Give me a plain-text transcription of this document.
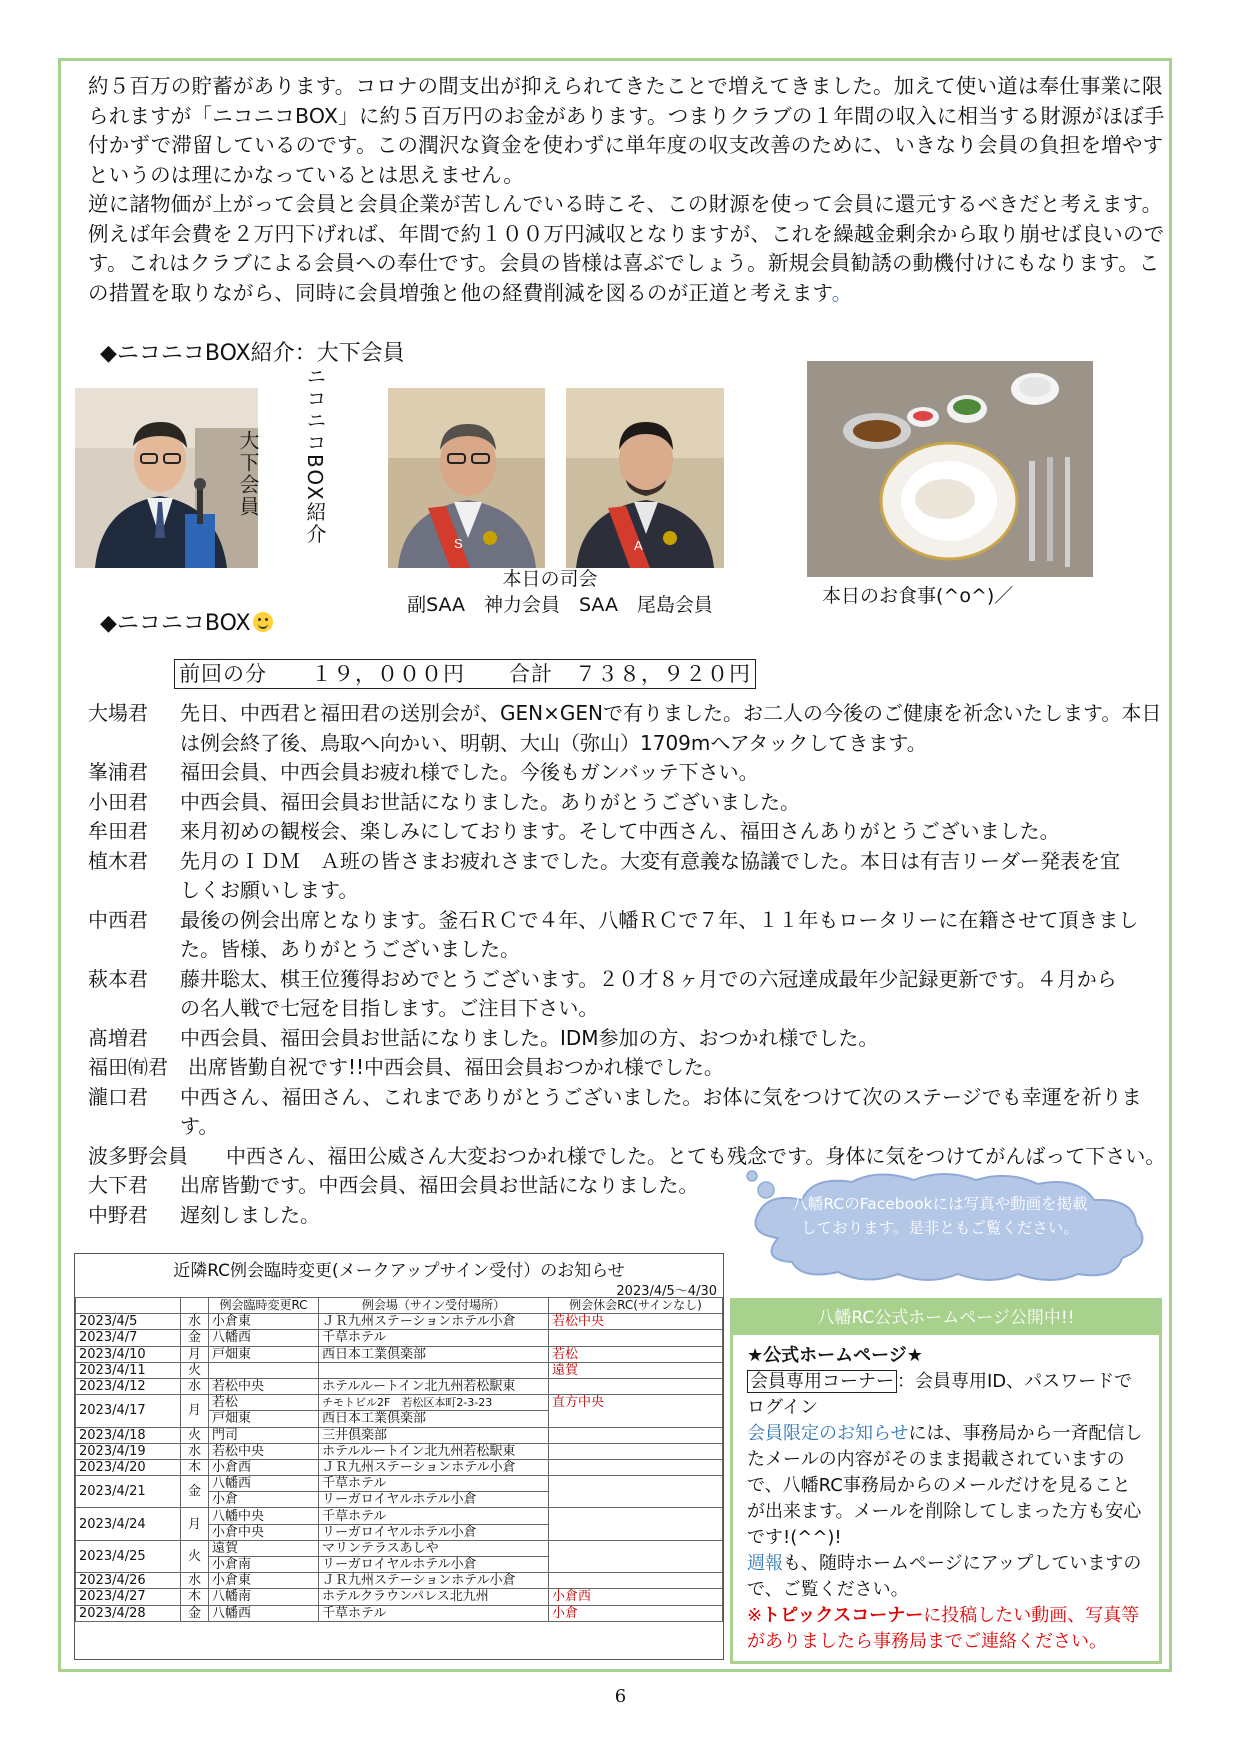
約５百万の貯蓄があります。コロナの間支出が抑えられてきたことで増えてきました。加えて使い道は奉仕事業に限られますが「ニコニコBOX」に約５百万円のお金があります。つまりクラブの１年間の収入に相当する財源がほぼ手付かずで滞留しているのです。この潤沢な資金を使わずに単年度の収支改善のために、いきなり会員の負担を増やすというのは理にかなっているとは思えません。

逆に諸物価が上がって会員と会員企業が苦しんでいる時こそ、この財源を使って会員に還元するべきだと考えます。例えば年会費を２万円下げれば、年間で約１００万円減収となりますが、これを繰越金剰余から取り崩せば良いのです。これはクラブによる会員への奉仕です。会員の皆様は喜ぶでしょう。新規会員勧誘の動機付けにもなります。この措置を取りながら、同時に会員増強と他の経費削減を図るのが正道と考えます。

◆ニコニコBOX紹介：大下会員
大下会員 ニコニコBOX紹介	S	A
本日の司会
副SAA　神力会員　SAA　尾島会員	本日のお食事(^o^)／
◆ニコニコBOX
前回の分　　１９，０００円　　合計　７３８，９２０円
大場君	先日、中西君と福田君の送別会が、GEN×GENで有りました。お二人の今後のご健康を祈念いたします。本日は例会終了後、鳥取へ向かい、明朝、大山（弥山）1709mへアタックしてきます。
峯浦君	福田会員、中西会員お疲れ様でした。今後もガンバッテ下さい。
小田君	中西会員、福田会員お世話になりました。ありがとうございました。
牟田君	来月初めの観桜会、楽しみにしております。そして中西さん、福田さんありがとうございました。
植木君	先月のＩＤＭ　Ａ班の皆さまお疲れさまでした。大変有意義な協議でした。本日は有吉リーダー発表を宜しくお願いします。
中西君	最後の例会出席となります。釜石ＲＣで４年、八幡ＲＣで７年、１１年もロータリーに在籍させて頂きました。皆様、ありがとうございました。
萩本君	藤井聡太、棋王位獲得おめでとうございます。２０才８ヶ月での六冠達成最年少記録更新です。４月からの名人戦で七冠を目指します。ご注目下さい。
髙増君	中西会員、福田会員お世話になりました。IDM参加の方、おつかれ様でした。
福田㈲君	出席皆勤自祝です!!中西会員、福田会員おつかれ様でした。
瀧口君	中西さん、福田さん、これまでありがとうございました。お体に気をつけて次のステージでも幸運を祈ります。
波多野会員	中西さん、福田公威さん大変おつかれ様でした。とても残念です。身体に気をつけてがんばって下さい。
大下君	出席皆勤です。中西会員、福田会員お世話になりました。
中野君	遅刻しました。	八幡RCのFacebookには写真や動画を掲載しております。是非ともご覧ください。
近隣RC例会臨時変更(メークアップサイン受付）のお知らせ
2023/4/5～4/30
		例会臨時変更RC	例会場（サイン受付場所）	例会休会RC(サインなし)
2023/4/5	水	小倉東	ＪＲ九州ステーションホテル小倉	若松中央
2023/4/7	金	八幡西	千草ホテル	
2023/4/10	月	戸畑東	西日本工業倶楽部	若松
2023/4/11	火			遠賀
2023/4/12	水	若松中央	ホテルルートイン北九州若松駅東	
2023/4/17	月	若松	チモトビル2F　若松区本町2-3-23	直方中央
		戸畑東	西日本工業倶楽部	
2023/4/18	火	門司	三井倶楽部	
2023/4/19	水	若松中央	ホテルルートイン北九州若松駅東	
2023/4/20	木	小倉西	ＪＲ九州ステーションホテル小倉	
2023/4/21	金	八幡西	千草ホテル	
		小倉	リーガロイヤルホテル小倉	
2023/4/24	月	八幡中央	千草ホテル	
		小倉中央	リーガロイヤルホテル小倉	
2023/4/25	火	遠賀	マリンテラスあしや	
		小倉南	リーガロイヤルホテル小倉	
2023/4/26	水	小倉東	ＪＲ九州ステーションホテル小倉	
2023/4/27	木	八幡南	ホテルクラウンパレス北九州	小倉西
2023/4/28	金	八幡西	千草ホテル	小倉
八幡RC公式ホームページ公開中!!
★公式ホームページ★
会員専用コーナー ：会員専用ID、パスワードでログイン
会員限定のお知らせには、事務局から一斉配信したメールの内容がそのまま掲載されていますので、八幡RC事務局からのメールだけを見ることが出来ます。メールを削除してしまった方も安心です!(^^)!
週報も、随時ホームページにアップしていますので、ご覧ください。
※トピックスコーナーに投稿したい動画、写真等がありましたら事務局までご連絡ください。
6
